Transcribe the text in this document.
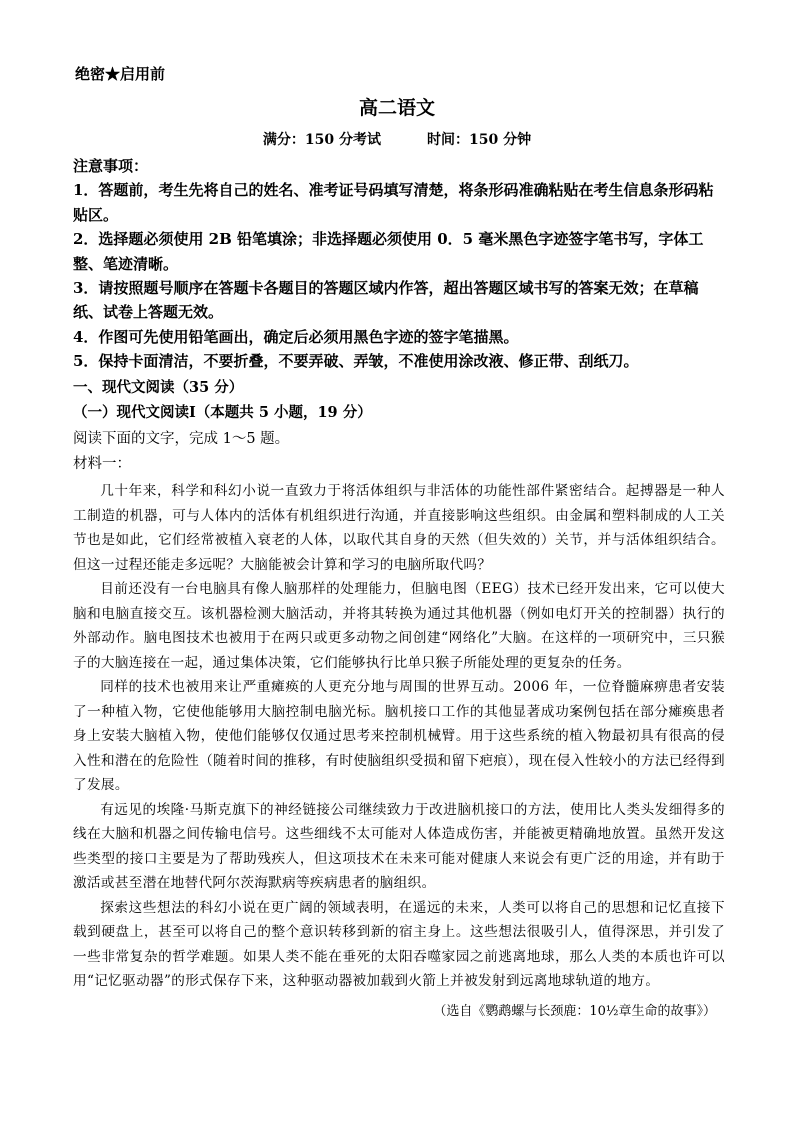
绝密★启用前
高二语文
满分：150 分考试	时间：150 分钟

注意事项：

1．答题前，考生先将自己的姓名、准考证号码填写清楚，将条形码准确粘贴在考生信息条形码粘贴区。

2．选择题必须使用 2B 铅笔填涂；非选择题必须使用 0．5 毫米黑色字迹签字笔书写，字体工整、笔迹清晰。

3．请按照题号顺序在答题卡各题目的答题区域内作答，超出答题区域书写的答案无效；在草稿纸、试卷上答题无效。

4．作图可先使用铅笔画出，确定后必须用黑色字迹的签字笔描黑。

5．保持卡面清洁，不要折叠，不要弄破、弄皱，不准使用涂改液、修正带、刮纸刀。

一、现代文阅读（35 分）
（一）现代文阅读Ⅰ（本题共 5 小题，19 分）
阅读下面的文字，完成 1～5 题。
材料一：

几十年来，科学和科幻小说一直致力于将活体组织与非活体的功能性部件紧密结合。起搏器是一种人工制造的机器，可与人体内的活体有机组织进行沟通，并直接影响这些组织。由金属和塑料制成的人工关节也是如此，它们经常被植入衰老的人体，以取代其自身的天然（但失效的）关节，并与活体组织结合。但这一过程还能走多远呢？大脑能被会计算和学习的电脑所取代吗？

目前还没有一台电脑具有像人脑那样的处理能力，但脑电图（EEG）技术已经开发出来，它可以使大脑和电脑直接交互。该机器检测大脑活动，并将其转换为通过其他机器（例如电灯开关的控制器）执行的外部动作。脑电图技术也被用于在两只或更多动物之间创建“网络化”大脑。在这样的一项研究中，三只猴子的大脑连接在一起，通过集体决策，它们能够执行比单只猴子所能处理的更复杂的任务。

同样的技术也被用来让严重瘫痪的人更充分地与周围的世界互动。2006 年，一位脊髓麻痹患者安装了一种植入物，它使他能够用大脑控制电脑光标。脑机接口工作的其他显著成功案例包括在部分瘫痪患者身上安装大脑植入物，使他们能够仅仅通过思考来控制机械臂。用于这些系统的植入物最初具有很高的侵入性和潜在的危险性（随着时间的推移，有时使脑组织受损和留下疤痕），现在侵入性较小的方法已经得到了发展。

有远见的埃隆·马斯克旗下的神经链接公司继续致力于改进脑机接口的方法，使用比人类头发细得多的线在大脑和机器之间传输电信号。这些细线不太可能对人体造成伤害，并能被更精确地放置。虽然开发这些类型的接口主要是为了帮助残疾人，但这项技术在未来可能对健康人来说会有更广泛的用途，并有助于激活或甚至潜在地替代阿尔茨海默病等疾病患者的脑组织。

探索这些想法的科幻小说在更广阔的领域表明，在遥远的未来，人类可以将自己的思想和记忆直接下载到硬盘上，甚至可以将自己的整个意识转移到新的宿主身上。这些想法很吸引人，值得深思，并引发了一些非常复杂的哲学难题。如果人类不能在垂死的太阳吞噬家园之前逃离地球，那么人类的本质也许可以用“记忆驱动器”的形式保存下来，这种驱动器被加载到火箭上并被发射到远离地球轨道的地方。

（选自《鹦鹉螺与长颈鹿：10½章生命的故事》）
